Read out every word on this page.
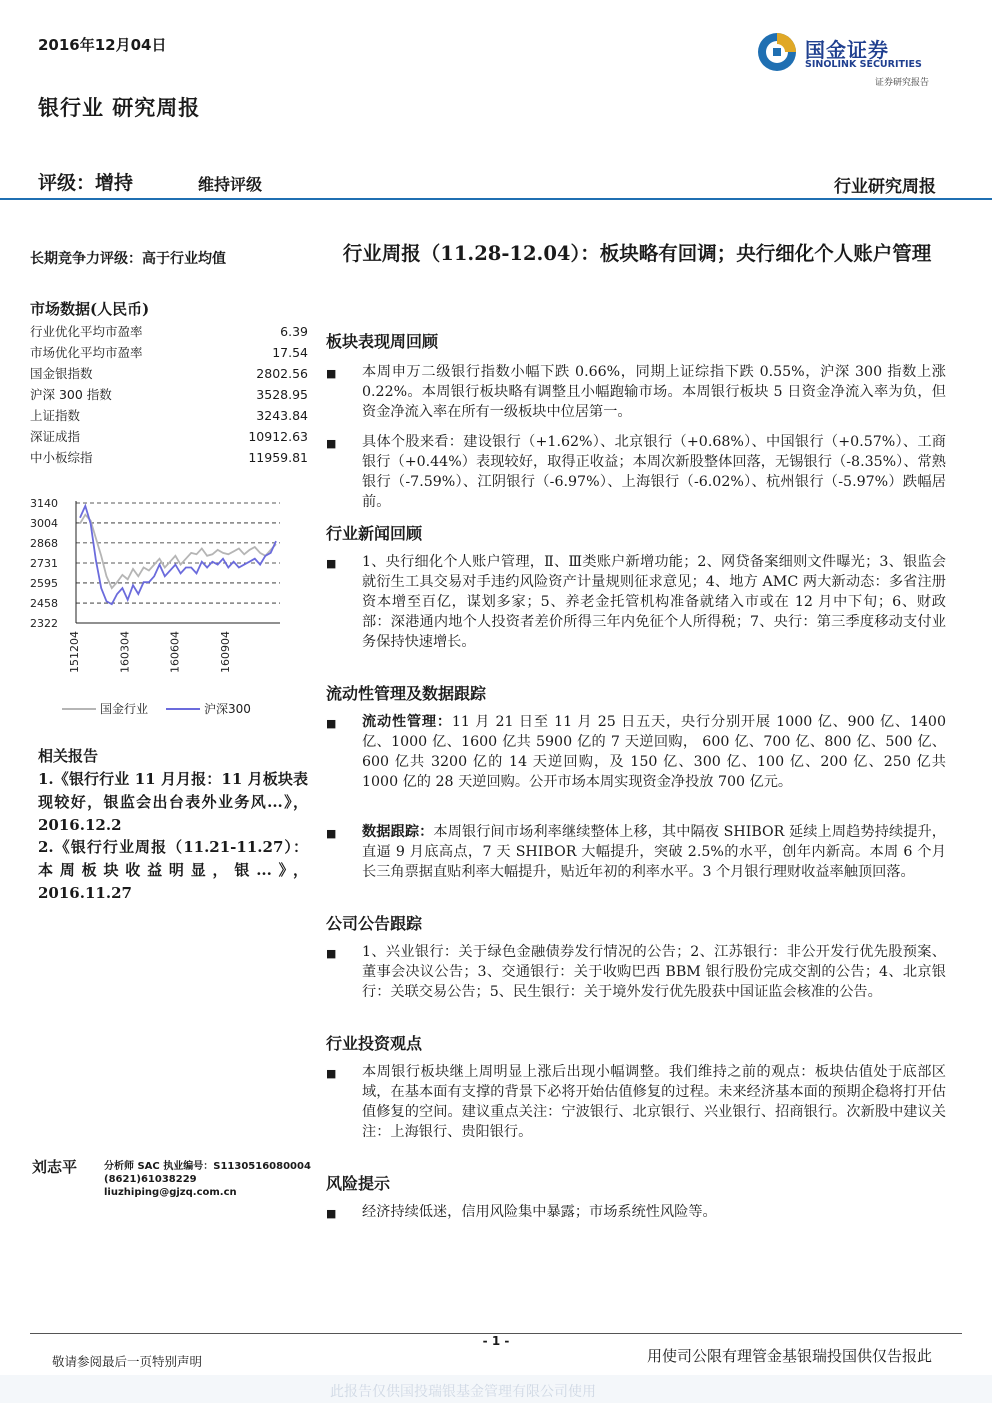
2016年12月04日
银行业 研究周报
国金证券
SINOLINK SECURITIES
证券研究报告
评级：增持	维持评级	行业研究周报
长期竞争力评级：高于行业均值
市场数据(人民币)
行业优化平均市盈率	6.39
市场优化平均市盈率	17.54
国金银指数	2802.56
沪深 300 指数	3528.95
上证指数	3243.84
深证成指	10912.63
中小板综指	11959.81
3140
3004
2868
2731
2595
2458
2322
151204	160304	160604	160904
国金行业	沪深300
相关报告
1.《银行行业 11 月月报：11 月板块表现较好，银监会出台表外业务风...》，2016.12.2
2.《银行行业周报（11.21-11.27）：本周板块收益明显，银...》，2016.11.27
刘志平	分析师 SAC 执业编号：S1130516080004
(8621)61038229
liuzhiping@gjzq.com.cn
行业周报（11.28-12.04）：板块略有回调；央行细化个人账户管理
板块表现周回顾
■	本周申万二级银行指数小幅下跌 0.66%，同期上证综指下跌 0.55%，沪深 300 指数上涨 0.22%。本周银行板块略有调整且小幅跑输市场。本周银行板块 5 日资金净流入率为负，但资金净流入率在所有一级板块中位居第一。
■	具体个股来看：建设银行（+1.62%）、北京银行（+0.68%）、中国银行（+0.57%）、工商银行（+0.44%）表现较好，取得正收益；本周次新股整体回落，无锡银行（-8.35%）、常熟银行（-7.59%）、江阴银行（-6.97%）、上海银行（-6.02%）、杭州银行（-5.97%）跌幅居前。
行业新闻回顾
■	1、央行细化个人账户管理，Ⅱ、Ⅲ类账户新增功能；2、网贷备案细则文件曝光；3、银监会就衍生工具交易对手违约风险资产计量规则征求意见；4、地方 AMC 两大新动态：多省注册资本增至百亿，谋划多家；5、养老金托管机构准备就绪入市或在 12 月中下旬；6、财政部：深港通内地个人投资者差价所得三年内免征个人所得税；7、央行：第三季度移动支付业务保持快速增长。
流动性管理及数据跟踪
■	流动性管理：11 月 21 日至 11 月 25 日五天，央行分别开展 1000 亿、900 亿、1400 亿、1000 亿、1600 亿共 5900 亿的 7 天逆回购， 600 亿、700 亿、800 亿、500 亿、600 亿共 3200 亿的 14 天逆回购，及 150 亿、300 亿、100 亿、200 亿、250 亿共 1000 亿的 28 天逆回购。公开市场本周实现资金净投放 700 亿元。
■	数据跟踪：本周银行间市场利率继续整体上移，其中隔夜 SHIBOR 延续上周趋势持续提升，直逼 9 月底高点，7 天 SHIBOR 大幅提升，突破 2.5%的水平，创年内新高。本周 6 个月长三角票据直贴利率大幅提升，贴近年初的利率水平。3 个月银行理财收益率触顶回落。
公司公告跟踪
■	1、兴业银行：关于绿色金融债券发行情况的公告；2、江苏银行：非公开发行优先股预案、董事会决议公告；3、交通银行：关于收购巴西 BBM 银行股份完成交割的公告；4、北京银行：关联交易公告；5、民生银行：关于境外发行优先股获中国证监会核准的公告。
行业投资观点
■	本周银行板块继上周明显上涨后出现小幅调整。我们维持之前的观点：板块估值处于底部区域，在基本面有支撑的背景下必将开始估值修复的过程。未来经济基本面的预期企稳将打开估值修复的空间。建议重点关注：宁波银行、北京银行、兴业银行、招商银行。次新股中建议关注：上海银行、贵阳银行。
风险提示
■	经济持续低迷，信用风险集中暴露；市场系统性风险等。
- 1 -
敬请参阅最后一页特别声明	用使司公限有理管金基银瑞投国供仅告报此
此报告仅供国投瑞银基金管理有限公司使用
